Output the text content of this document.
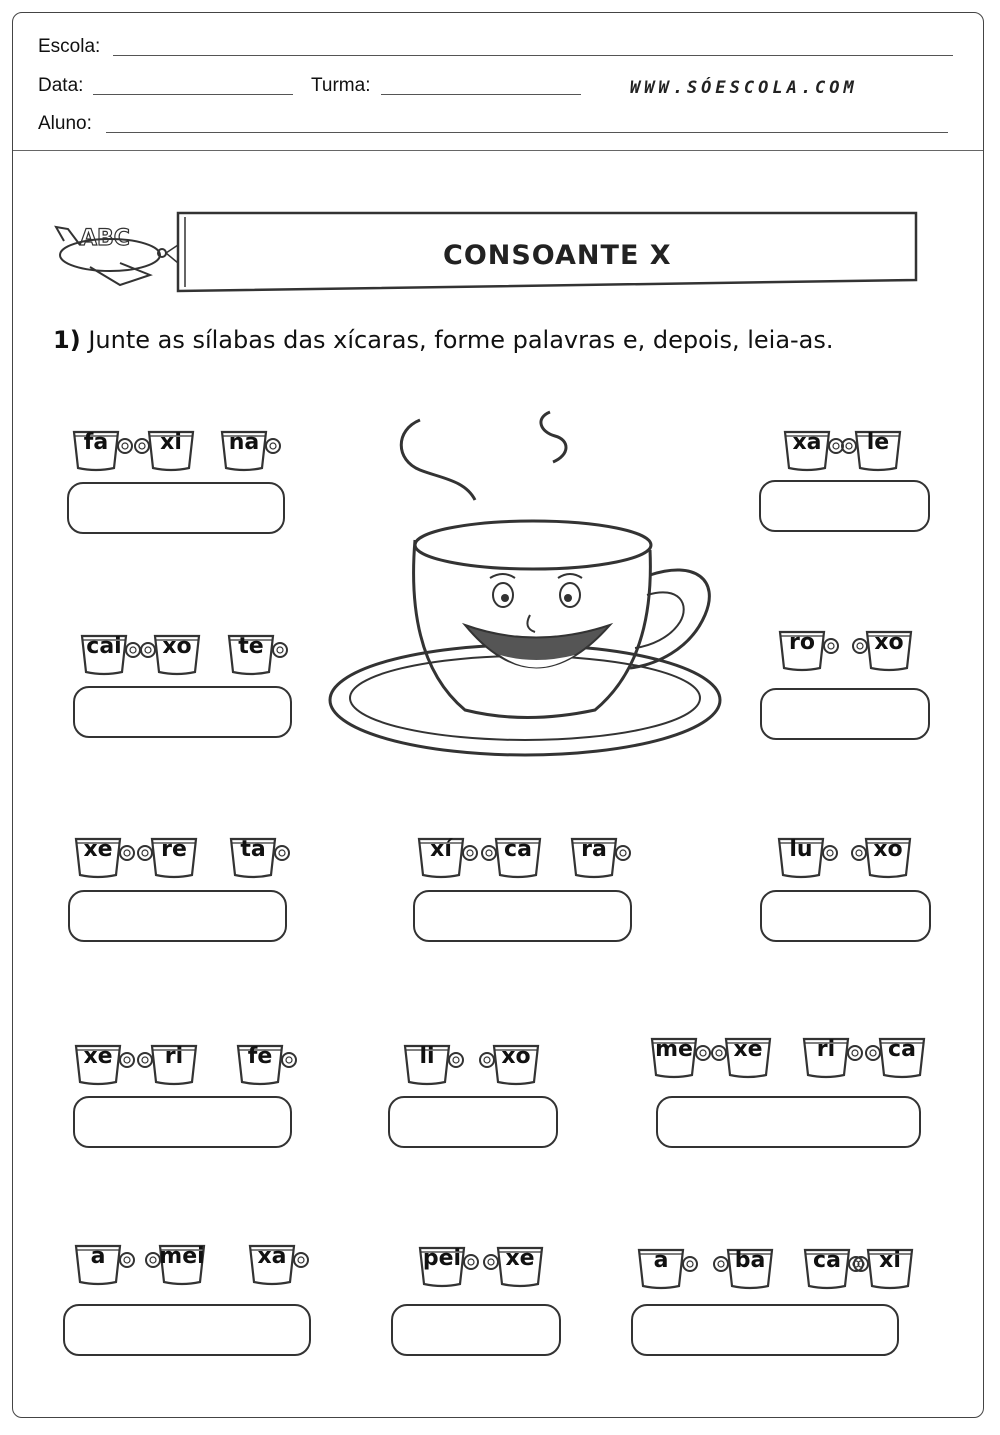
Escola:
Data:	Turma:	WWW.SÓESCOLA.COM
Aluno:
ABC
CONSOANTE X
1) Junte as sílabas das xícaras, forme palavras e, depois, leia-as.
fa	xi	na	xa	le
cai	xo	te	ro	xo
xe	re	ta	xí	ca	ra	lu	xo
xe	ri	fe	li	xo	me	xe	ri	ca
a	mei	xa	pei	xe	a	ba	ca	xi
